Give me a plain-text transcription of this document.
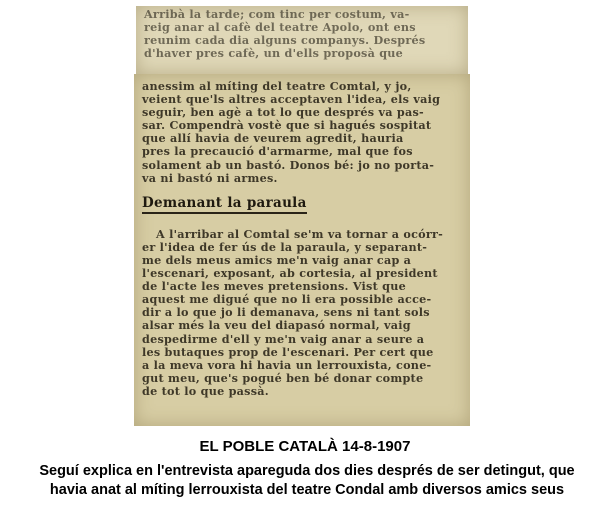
Arribà la tarde; com tinc per costum, va-

reig anar al cafè del teatre Apolo, ont ens

reunim cada dia alguns companys. Després

d'haver pres cafè, un d'ells proposà que

anessim al míting del teatre Comtal, y jo,

veient que'ls altres acceptaven l'idea, els vaig

seguir, ben agè a tot lo que després va pas-

sar. Compendrà vostè que si hagués sospitat

que allí havia de veurem agredit, hauria

pres la precaució d'armarme, mal que fos

solament ab un bastó. Donos bé: jo no porta-

va ni bastó ni armes.

Demanant la paraula

A l'arribar al Comtal se'm va tornar a ocórr-

er l'idea de fer ús de la paraula, y separant-

me dels meus amics me'n vaig anar cap a

l'escenari, exposant, ab cortesia, al president

de l'acte les meves pretensions. Vist que

aquest me digué que no li era possible acce-

dir a lo que jo li demanava, sens ni tant sols

alsar més la veu del diapasó normal, vaig

despedirme d'ell y me'n vaig anar a seure a

les butaques prop de l'escenari. Per cert que

a la meva vora hi havia un lerrouxista, cone-

gut meu, que's pogué ben bé donar compte

de tot lo que passà.

EL POBLE CATALÀ 14-8-1907
Seguí explica en l'entrevista apareguda dos dies després de ser detingut, que
havia anat al míting lerrouxista del teatre Condal amb diversos amics seus
